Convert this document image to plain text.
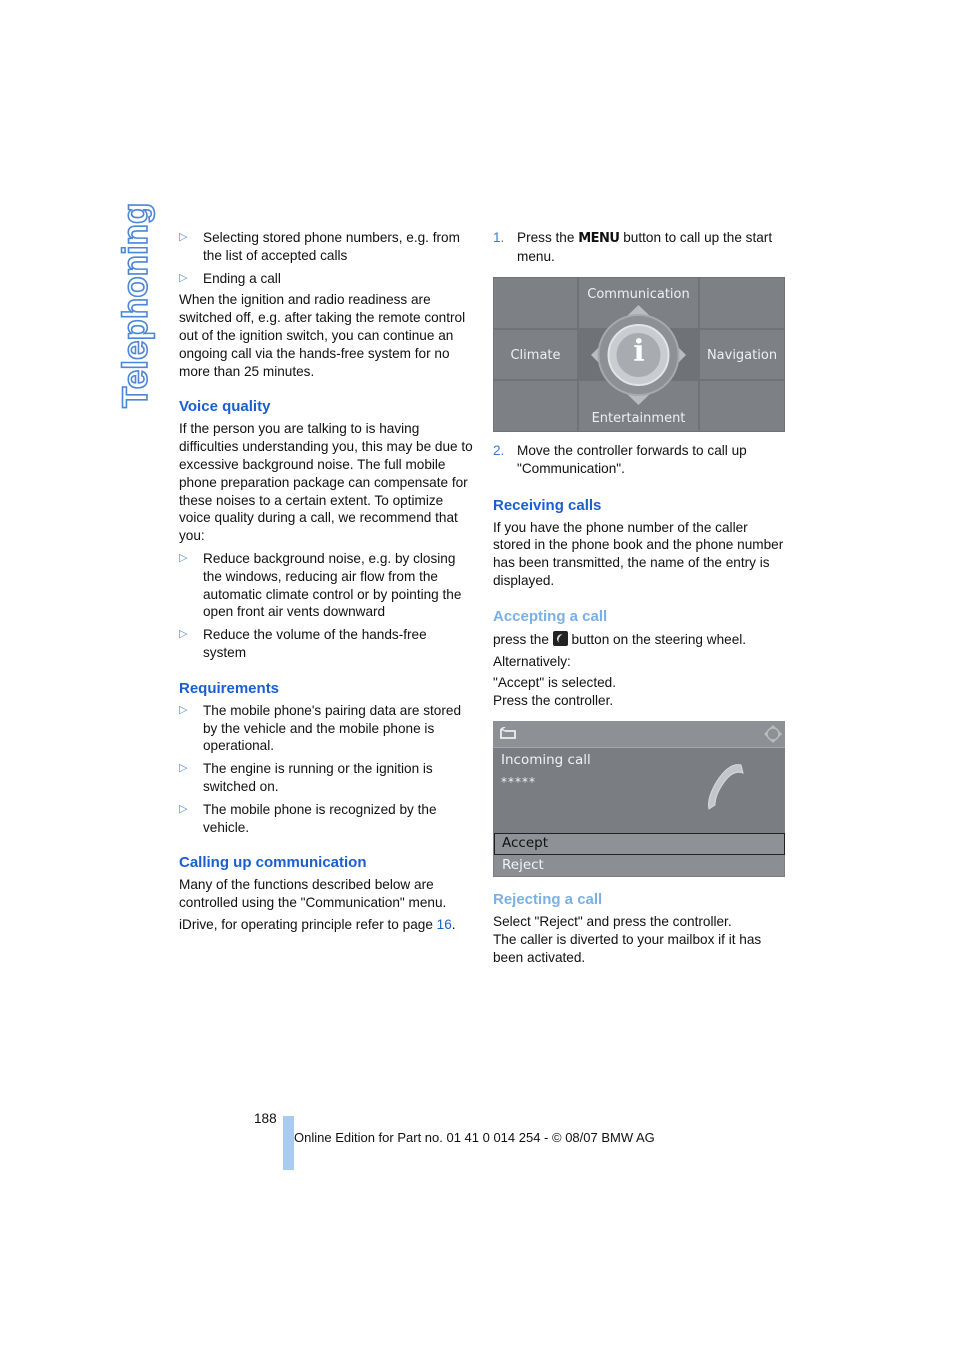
Telephoning ▷ Selecting stored phone numbers, e.g. from the list of accepted calls
▷ Ending a call

When the ignition and radio readiness are switched off, e.g. after taking the remote control out of the ignition switch, you can continue an ongoing call via the hands-free system for no more than 25 minutes.

Voice quality

If the person you are talking to is having difficulties understanding you, this may be due to excessive background noise. The full mobile phone preparation package can compensate for these noises to a certain extent. To optimize voice quality during a call, we recommend that you:

▷ Reduce background noise, e.g. by closing the windows, reducing air flow from the automatic climate control or by pointing the open front air vents downward
▷ Reduce the volume of the hands-free system

Requirements

▷ The mobile phone's pairing data are stored by the vehicle and the mobile phone is operational.
▷ The engine is running or the ignition is switched on.
▷ The mobile phone is recognized by the vehicle.

Calling up communication

Many of the functions described below are controlled using the "Communication" menu.

iDrive, for operating principle refer to page 16.

1. Press the MENU button to call up the start menu.
i
Communication
Climate	Navigation
Entertainment
2. Move the controller forwards to call up "Communication".

Receiving calls

If you have the phone number of the caller stored in the phone book and the phone number has been transmitted, the name of the entry is displayed.

Accepting a call

press the  button on the steering wheel.

Alternatively:

"Accept" is selected.

Press the controller.

Incoming call
*****
Accept
Reject

Rejecting a call

Select "Reject" and press the controller.

The caller is diverted to your mailbox if it has been activated.

188
Online Edition for Part no. 01 41 0 014 254 - © 08/07 BMW AG
